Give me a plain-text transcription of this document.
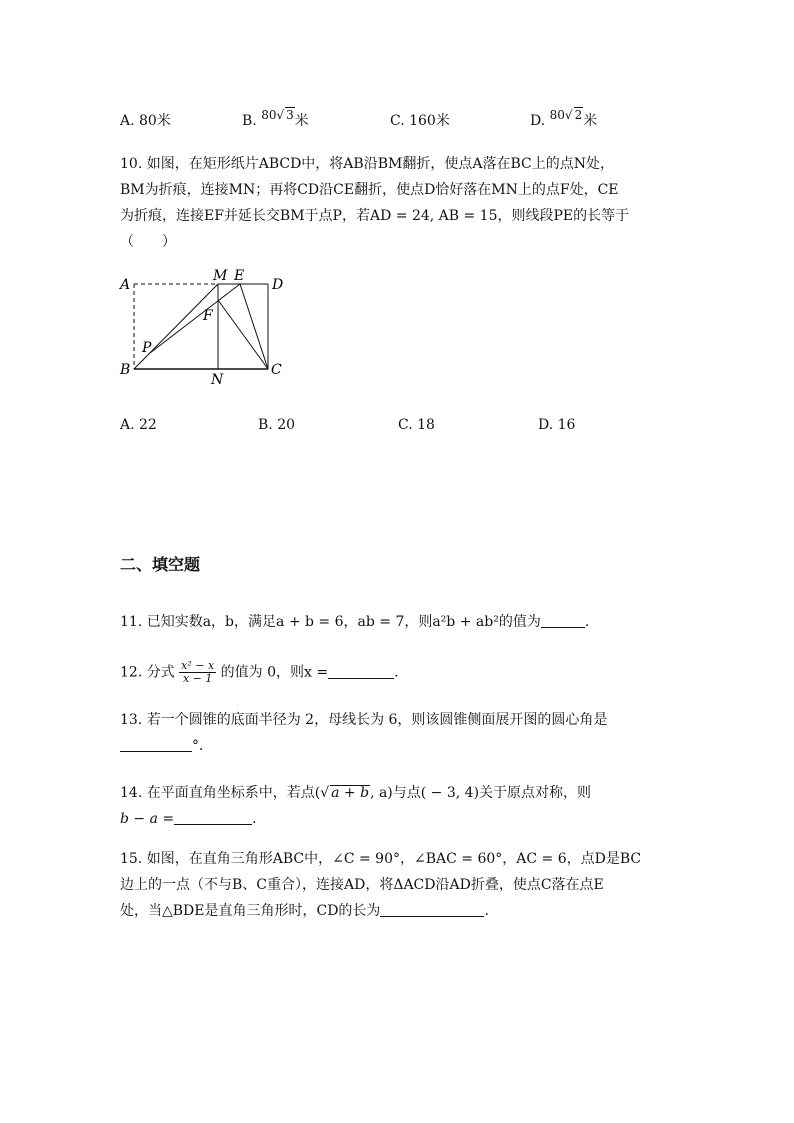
A. 80米	B. 80√ 3米	C. 160米	D. 80√ 2米
10. 如图，在矩形纸片ABCD中，将AB沿BM翻折，使点A落在BC上的点N处，
BM为折痕，连接MN；再将CD沿CE翻折，使点D恰好落在MN上的点F处，CE
为折痕，连接EF并延长交BM于点P，若AD = 24, AB = 15，则线段PE的长等于
（　　）
A
M E
D
F
P
B
N
C
A. 22	B. 20	C. 18	D. 16
二、填空题
11. 已知实数a，b，满足a + b = 6，ab = 7，则a²b + ab²的值为	.
12. 分式 $\frac{\text{x² − x}}{x - 1}$ 的值为 0，则x =	.
13. 若一个圆锥的底面半径为 2，母线长为 6，则该圆锥侧面展开图的圆心角是
°．
14. 在平面直角坐标系中，若点(√ a + b, a)与点( − 3, 4)关于原点对称，则
b − a =	.
15. 如图，在直角三角形ABC中，∠C = 90°，∠BAC = 60°，AC = 6，点D是BC
边上的一点（不与B、C重合），连接AD，将ΔACD沿AD折叠，使点C落在点E
处，当△BDE是直角三角形时，CD的长为	.
